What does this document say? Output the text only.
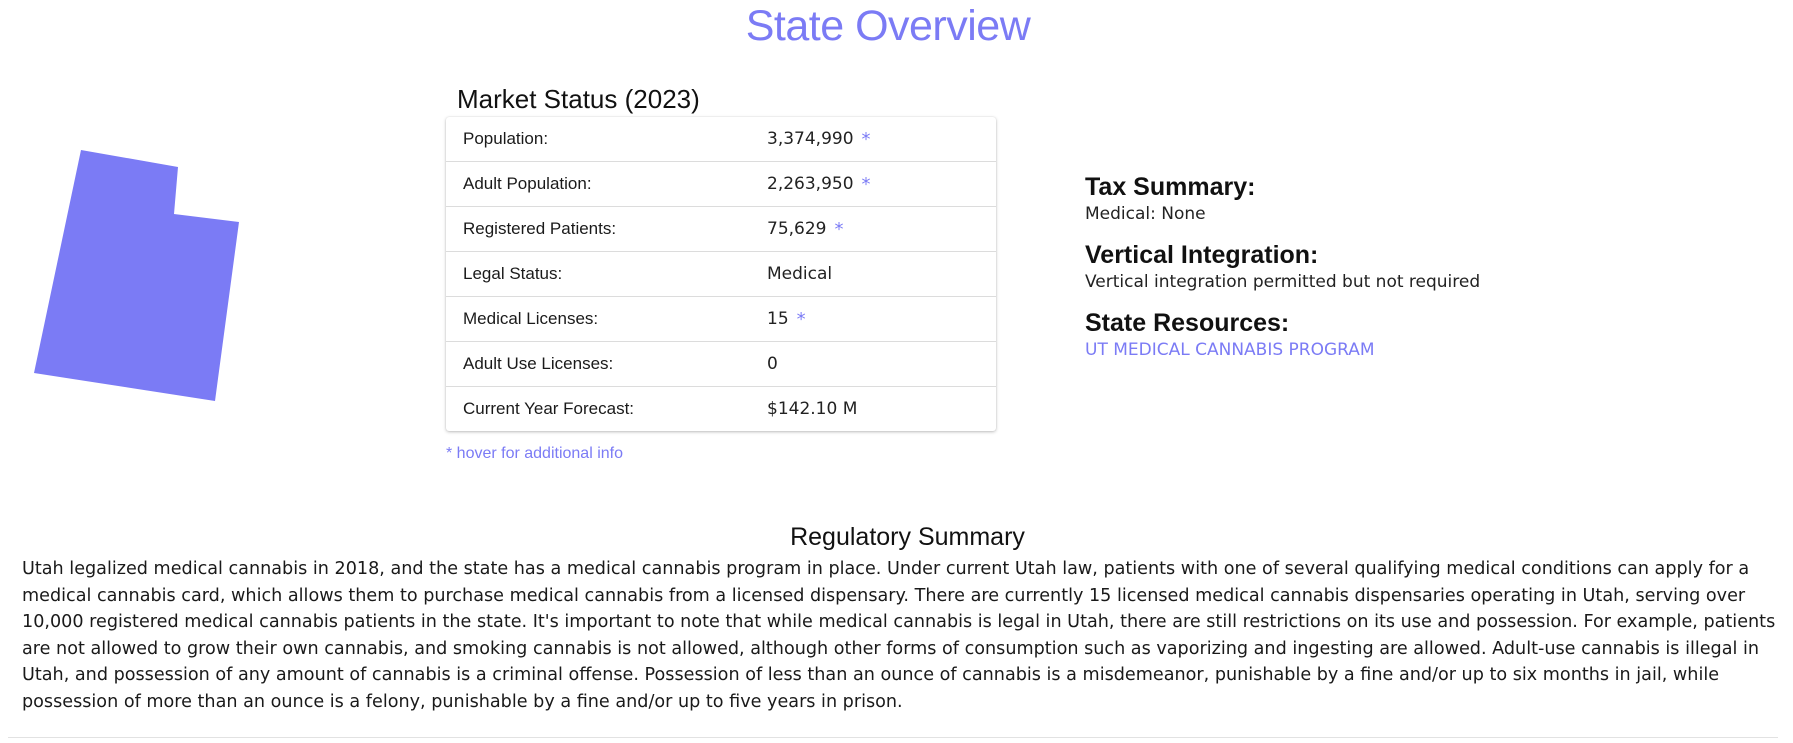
State Overview
Market Status (2023)
Population:	3,374,990 *
Adult Population:	2,263,950 *
Registered Patients:	75,629 *
Legal Status:	Medical
Medical Licenses:	15 *
Adult Use Licenses:	0
Current Year Forecast:	$142.10 M
* hover for additional info
Tax Summary:

Medical: None

Vertical Integration:

Vertical integration permitted but not required

State Resources:
UT MEDICAL CANNABIS PROGRAM
Regulatory Summary

Utah legalized medical cannabis in 2018, and the state has a medical cannabis program in place. Under current Utah law, patients with one of several qualifying medical conditions can apply for a medical cannabis card, which allows them to purchase medical cannabis from a licensed dispensary. There are currently 15 licensed medical cannabis dispensaries operating in Utah, serving over 10,000 registered medical cannabis patients in the state. It's important to note that while medical cannabis is legal in Utah, there are still restrictions on its use and possession. For example, patients are not allowed to grow their own cannabis, and smoking cannabis is not allowed, although other forms of consumption such as vaporizing and ingesting are allowed. Adult-use cannabis is illegal in Utah, and possession of any amount of cannabis is a criminal offense. Possession of less than an ounce of cannabis is a misdemeanor, punishable by a fine and/or up to six months in jail, while possession of more than an ounce is a felony, punishable by a fine and/or up to five years in prison.
